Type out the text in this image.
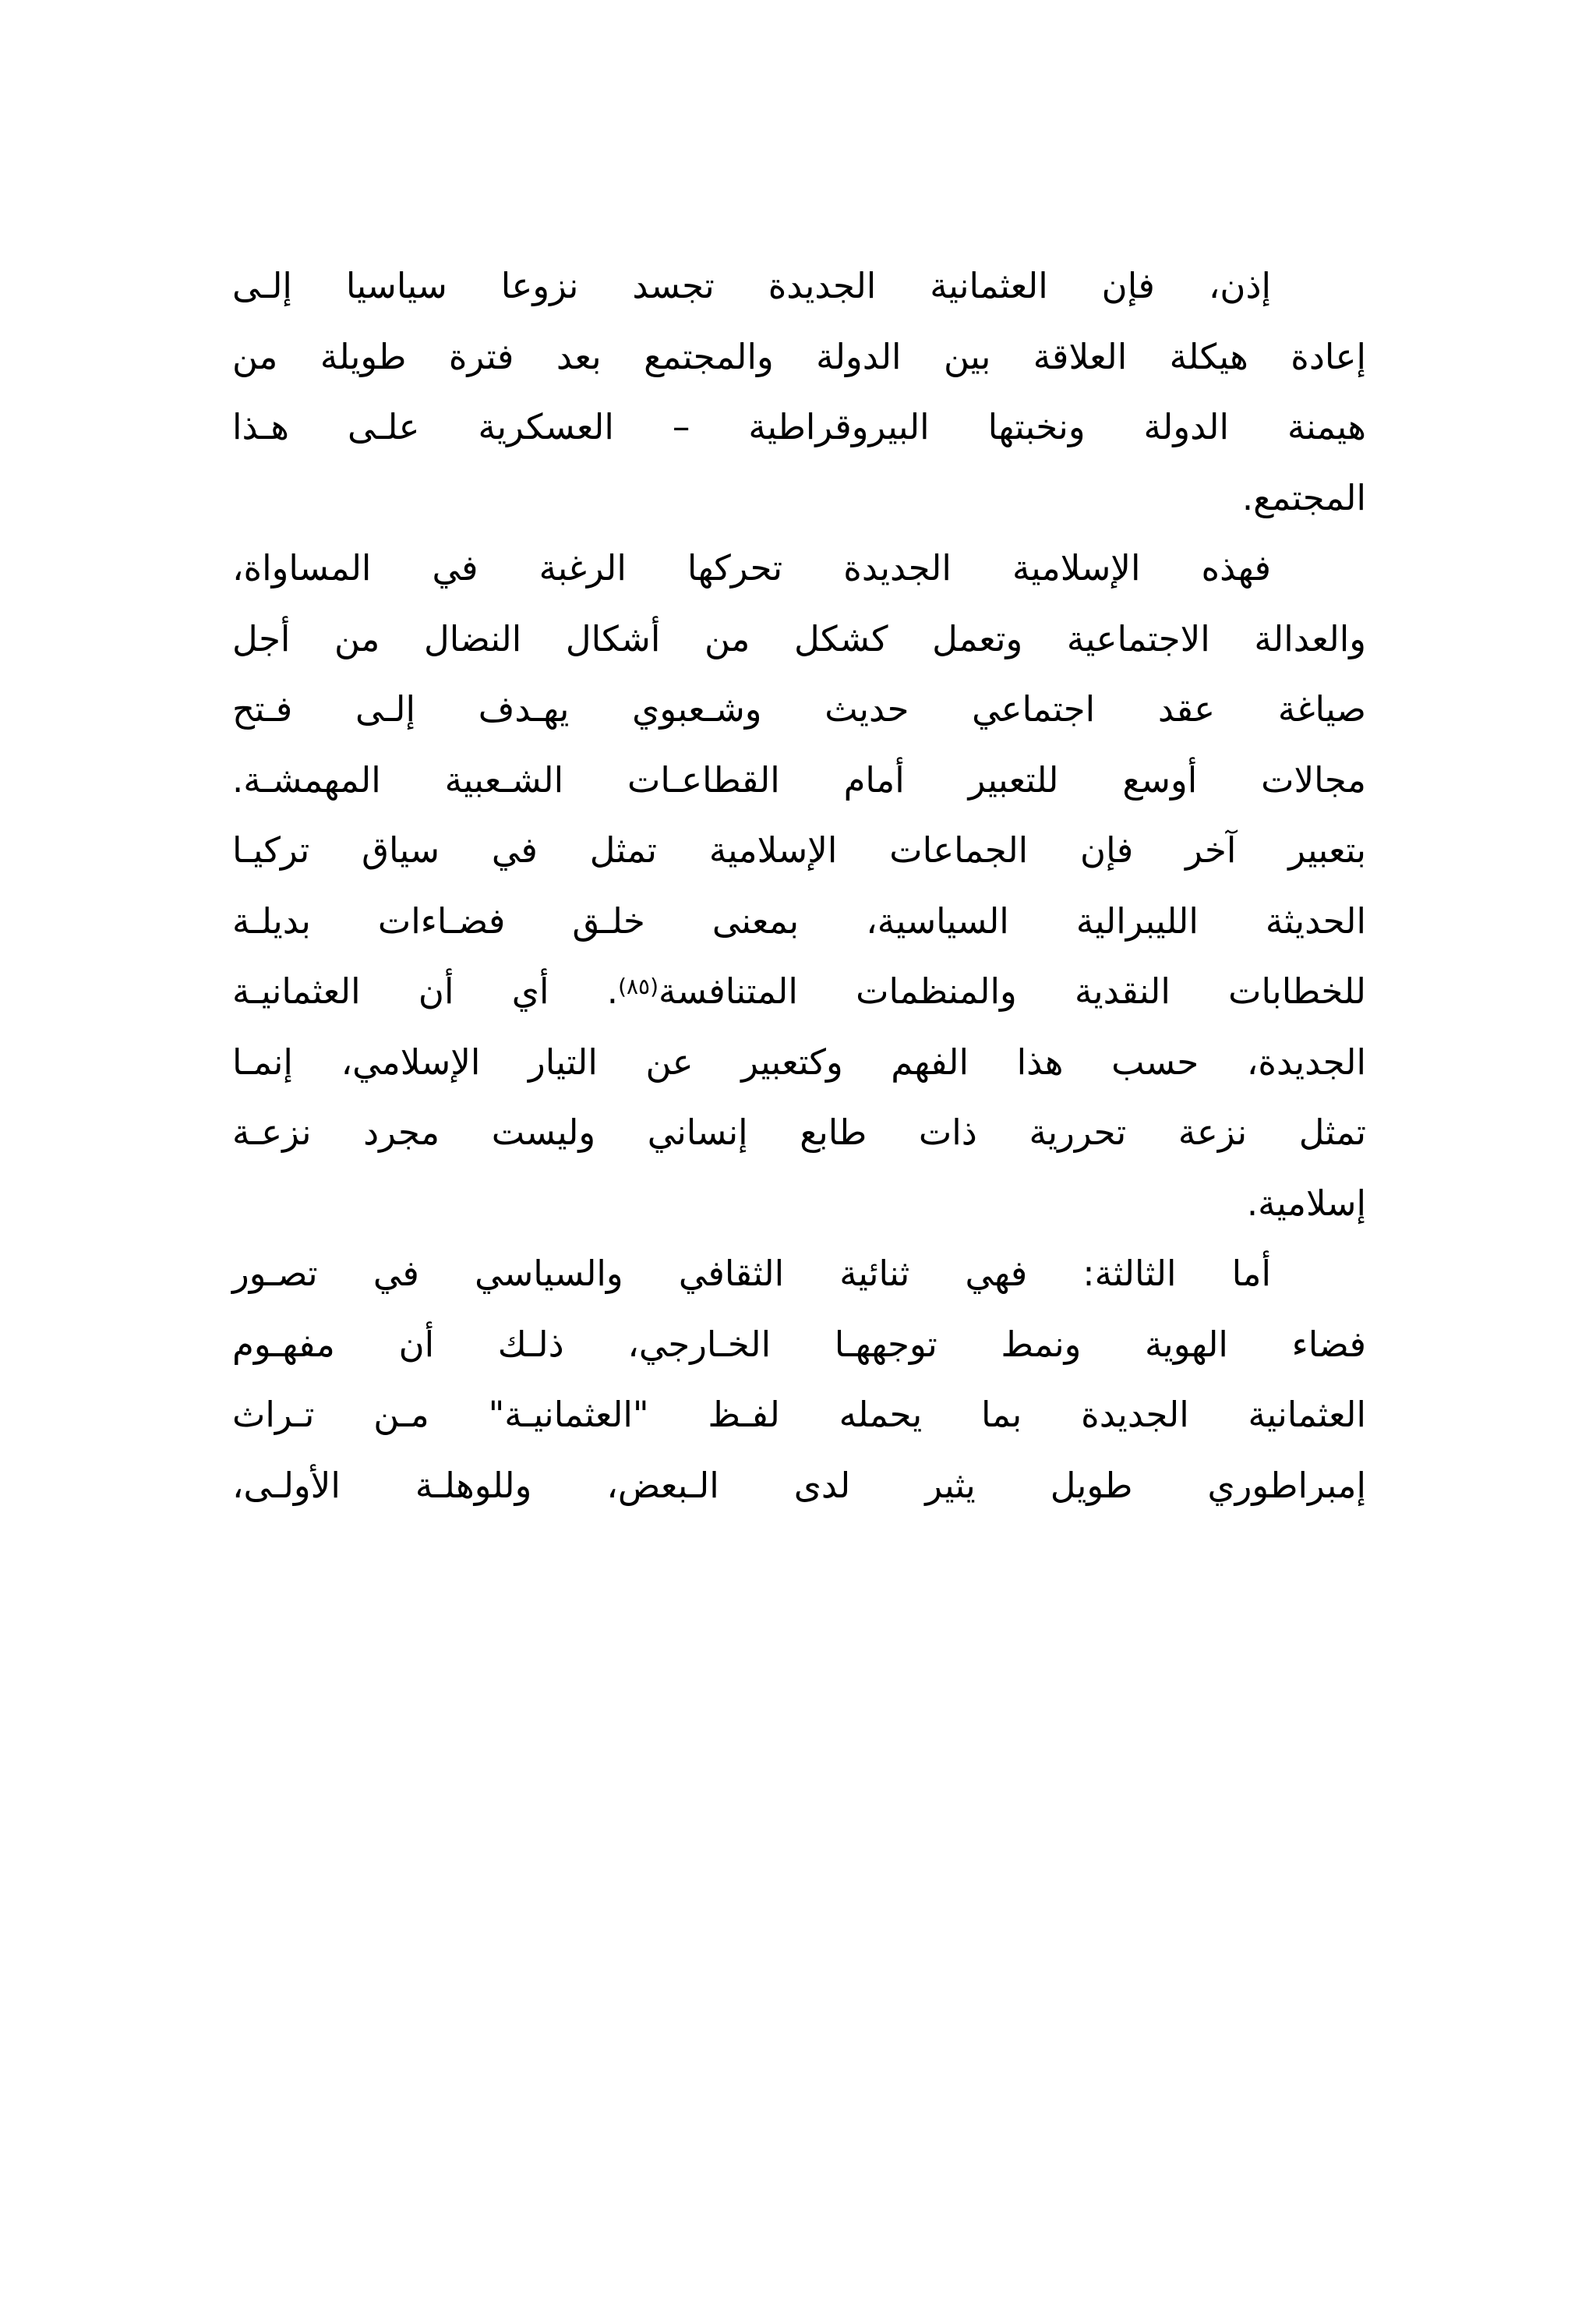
إذن، فإن العثمانية الجديدة تجسد نزوعا سياسيا إلـى
إعادة هيكلة العلاقة بين الدولة والمجتمع بعد فترة طويلة من
هيمنة الدولة ونخبتها البيروقراطية – العسكرية علـى هـذا
المجتمع.

فهذه الإسلامية الجديدة تحركها الرغبة في المساواة،
والعدالة الاجتماعية وتعمل كشكل من أشكال النضال من أجل
صياغة عقد اجتماعي حديث وشـعبوي يهـدف إلـى فـتح
مجالات أوسع للتعبير أمام القطاعـات الشـعبية المهمشـة.
بتعبير آخر فإن الجماعات الإسلامية تمثل في سياق تركيـا
الحديثة الليبرالية السياسية، بمعنى خلـق فضـاءات بديلـة
للخطابات النقدية والمنظمات المتنافسة$^{(٨٥)}$. أي أن العثمانيـة
الجديدة، حسب هذا الفهم وكتعبير عن التيار الإسلامي، إنمـا
تمثل نزعة تحررية ذات طابع إنساني وليست مجرد نزعـة
إسلامية.

أما الثالثة: فهي ثنائية الثقافي والسياسي في تصـور
فضاء الهوية ونمط توجههـا الخـارجي، ذلـك أن مفهـوم
العثمانية الجديدة بما يحمله لفـظ "العثمانيـة" مـن تـراث
إمبراطوري طويل يثير لدى الـبعض، وللوهلـة الأولـى،
